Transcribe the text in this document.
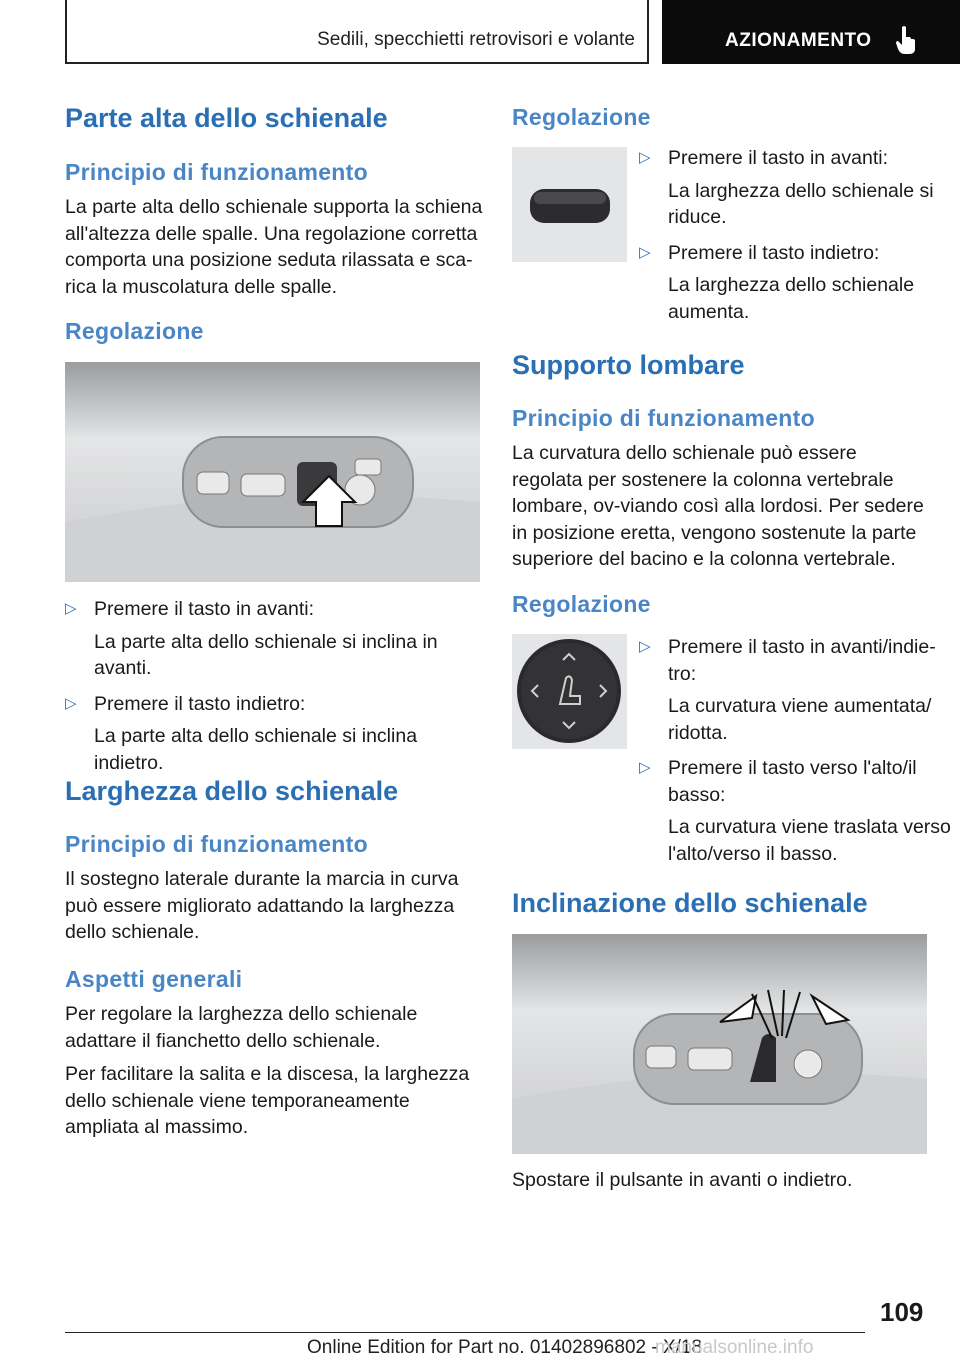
Sedili, specchietti retrovisori e volante	AZIONAMENTO
Parte alta dello schienale
Principio di funzionamento
La parte alta dello schienale supporta la schiena all'altezza delle spalle. Una regolazione corretta comporta una posizione seduta rilassata e sca-rica la muscolatura delle spalle.
Regolazione
▷ Premere il tasto in avanti:
La parte alta dello schienale si inclina in avanti.
▷ Premere il tasto indietro:
La parte alta dello schienale si inclina indietro.
Larghezza dello schienale
Principio di funzionamento
Il sostegno laterale durante la marcia in curva può essere migliorato adattando la larghezza dello schienale.
Aspetti generali
Per regolare la larghezza dello schienale adattare il fianchetto dello schienale.
Per facilitare la salita e la discesa, la larghezza dello schienale viene temporaneamente ampliata al massimo.
Regolazione
▷ Premere il tasto in avanti:
La larghezza dello schienale si riduce.
▷ Premere il tasto indietro:
La larghezza dello schienale aumenta.
Supporto lombare
Principio di funzionamento
La curvatura dello schienale può essere regolata per sostenere la colonna vertebrale lombare, ov-viando così alla lordosi. Per sedere in posizione eretta, vengono sostenute la parte superiore del bacino e la colonna vertebrale.
Regolazione
▷ Premere il tasto in avanti/indie-tro:
La curvatura viene aumentata/ ridotta.
▷ Premere il tasto verso l'alto/il basso:
La curvatura viene traslata verso l'alto/verso il basso.
Inclinazione dello schienale
Spostare il pulsante in avanti o indietro.
109
Online Edition for Part no. 01402896802 - X/18
manualsonline.info
